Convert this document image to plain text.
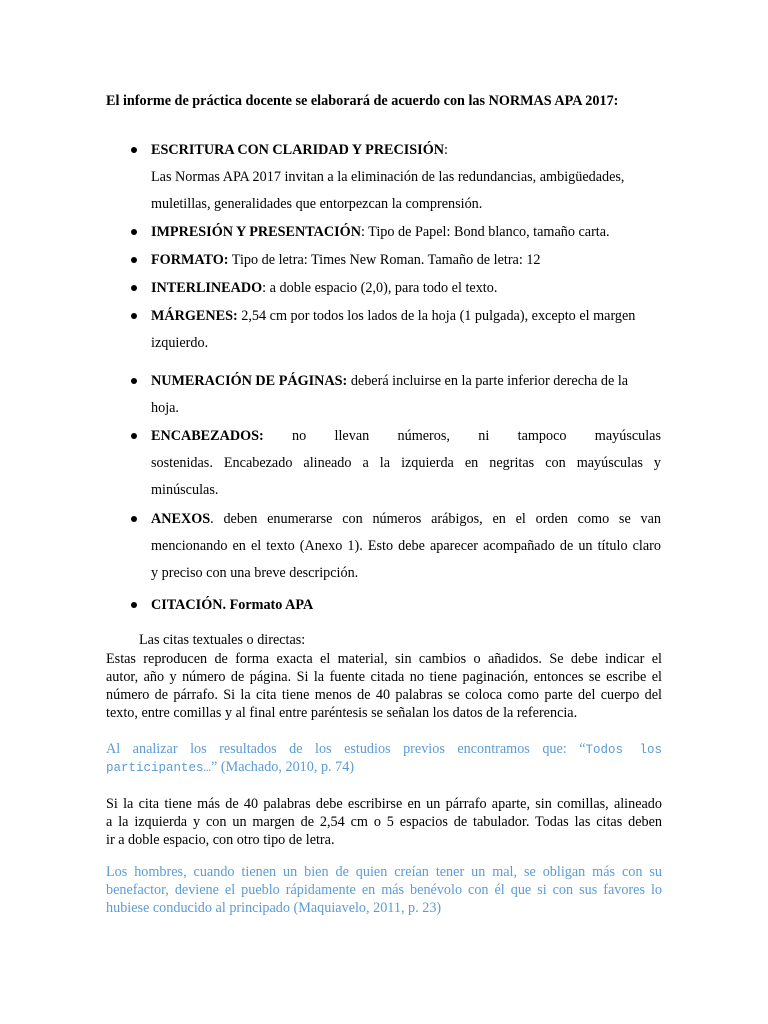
El informe de práctica docente se elaborará de acuerdo con las NORMAS APA 2017:
ESCRITURA CON CLARIDAD Y PRECISIÓN:
Las Normas APA 2017 invitan a la eliminación de las redundancias, ambigüedades,
muletillas, generalidades que entorpezcan la comprensión.
IMPRESIÓN Y PRESENTACIÓN: Tipo de Papel: Bond blanco, tamaño carta.
FORMATO: Tipo de letra: Times New Roman. Tamaño de letra: 12
INTERLINEADO: a doble espacio (2,0), para todo el texto.
MÁRGENES: 2,54 cm por todos los lados de la hoja (1 pulgada), excepto el margen
izquierdo.
NUMERACIÓN DE PÁGINAS: deberá incluirse en la parte inferior derecha de la
hoja.
ENCABEZADOS: no llevan números, ni tampoco mayúsculas
sostenidas. Encabezado alineado a la izquierda en negritas con mayúsculas y
minúsculas.
ANEXOS. deben enumerarse con números arábigos, en el orden como se van
mencionando en el texto (Anexo 1). Esto debe aparecer acompañado de un título claro
y preciso con una breve descripción.
CITACIÓN. Formato APA
Las citas textuales o directas:
Estas reproducen de forma exacta el material, sin cambios o añadidos. Se debe indicar el
autor, año y número de página. Si la fuente citada no tiene paginación, entonces se escribe el
número de párrafo. Si la cita tiene menos de 40 palabras se coloca como parte del cuerpo del
texto, entre comillas y al final entre paréntesis se señalan los datos de la referencia.
Al analizar los resultados de los estudios previos encontramos que: “Todos los
participantes…” (Machado, 2010, p. 74)
Si la cita tiene más de 40 palabras debe escribirse en un párrafo aparte, sin comillas, alineado
a la izquierda y con un margen de 2,54 cm o 5 espacios de tabulador. Todas las citas deben
ir a doble espacio, con otro tipo de letra.
Los hombres, cuando tienen un bien de quien creían tener un mal, se obligan más con su
benefactor, deviene el pueblo rápidamente en más benévolo con él que si con sus favores lo
hubiese conducido al principado (Maquiavelo, 2011, p. 23)
